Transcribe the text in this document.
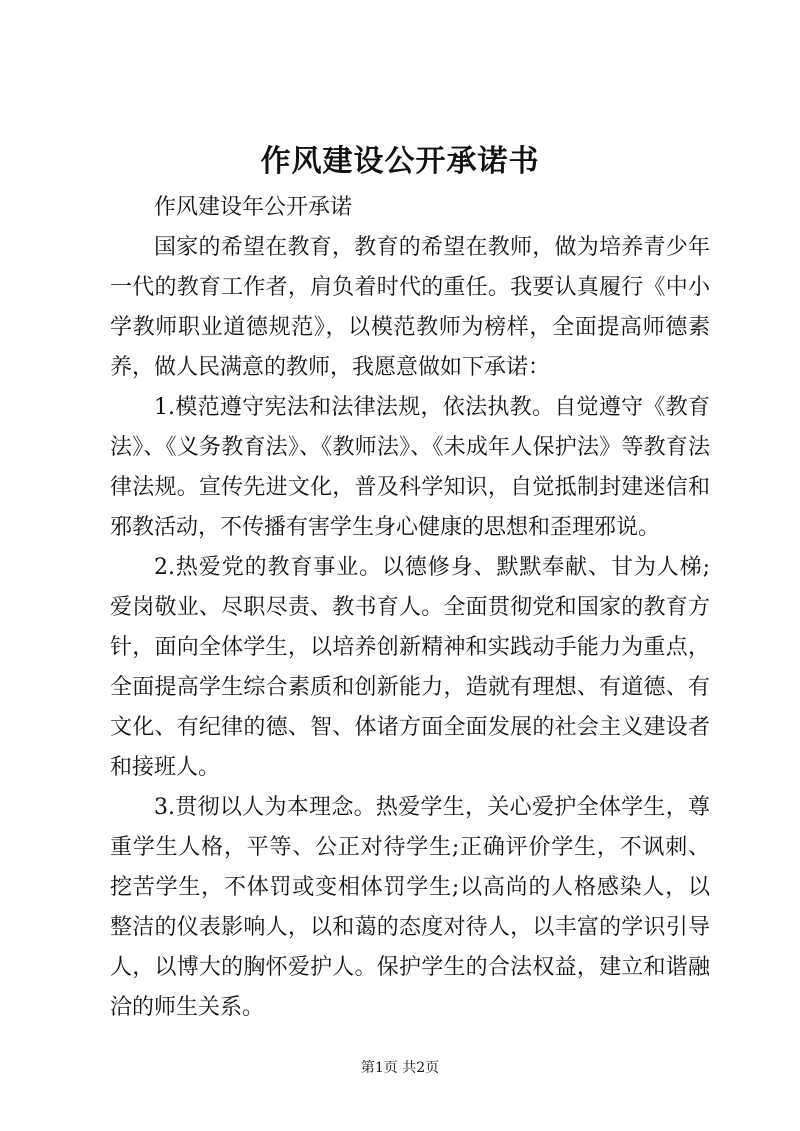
作风建设公开承诺书

作风建设年公开承诺

国家的希望在教育，教育的希望在教师，做为培养青少年一代的教育工作者，肩负着时代的重任。我要认真履行《中小学教师职业道德规范》，以模范教师为榜样，全面提高师德素养，做人民满意的教师，我愿意做如下承诺：

1.模范遵守宪法和法律法规，依法执教。自觉遵守《教育法》、《义务教育法》、《教师法》、《未成年人保护法》等教育法律法规。宣传先进文化，普及科学知识，自觉抵制封建迷信和邪教活动，不传播有害学生身心健康的思想和歪理邪说。

2.热爱党的教育事业。以德修身、默默奉献、甘为人梯;爱岗敬业、尽职尽责、教书育人。全面贯彻党和国家的教育方针，面向全体学生，以培养创新精神和实践动手能力为重点，全面提高学生综合素质和创新能力，造就有理想、有道德、有文化、有纪律的德、智、体诸方面全面发展的社会主义建设者和接班人。

3.贯彻以人为本理念。热爱学生，关心爱护全体学生，尊重学生人格，平等、公正对待学生;正确评价学生，不讽刺、挖苦学生，不体罚或变相体罚学生;以高尚的人格感染人，以整洁的仪表影响人，以和蔼的态度对待人，以丰富的学识引导人，以博大的胸怀爱护人。保护学生的合法权益，建立和谐融洽的师生关系。

第1页 共2页
